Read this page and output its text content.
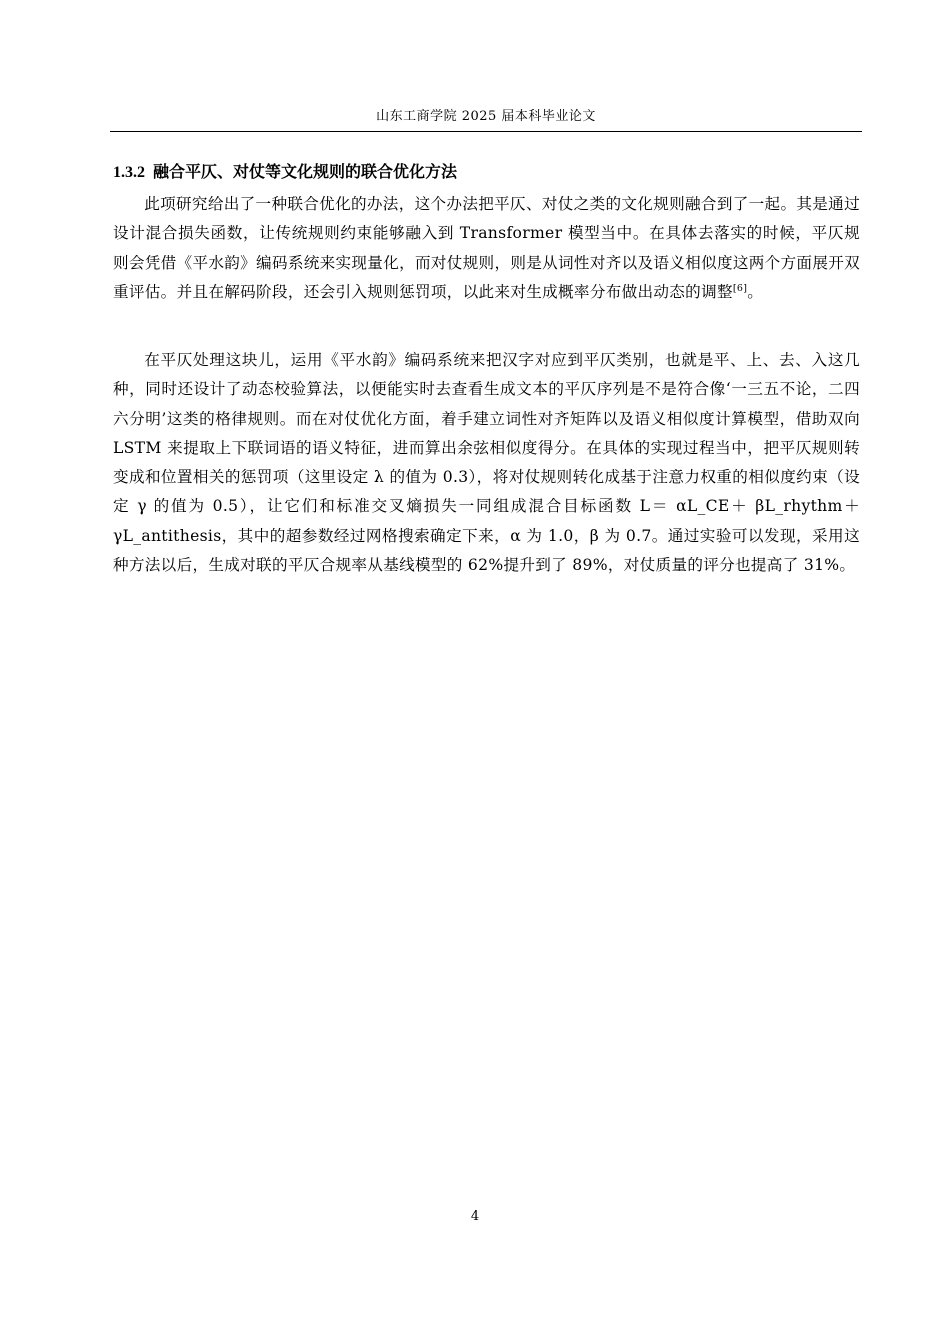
山东工商学院 2025 届本科毕业论文
1.3.2 融合平仄、对仗等文化规则的联合优化方法

此项研究给出了一种联合优化的办法，这个办法把平仄、对仗之类的文化规则融合到了一起。其是通过设计混合损失函数，让传统规则约束能够融入到 Transformer 模型当中。在具体去落实的时候，平仄规则会凭借《平水韵》编码系统来实现量化，而对仗规则，则是从词性对齐以及语义相似度这两个方面展开双重评估。并且在解码阶段，还会引入规则惩罚项，以此来对生成概率分布做出动态的调整[6]。

在平仄处理这块儿，运用《平水韵》编码系统来把汉字对应到平仄类别，也就是平、上、去、入这几种，同时还设计了动态校验算法，以便能实时去查看生成文本的平仄序列是不是符合像‘一三五不论，二四六分明’这类的格律规则。而在对仗优化方面，着手建立词性对齐矩阵以及语义相似度计算模型，借助双向 LSTM 来提取上下联词语的语义特征，进而算出余弦相似度得分。在具体的实现过程当中，把平仄规则转变成和位置相关的惩罚项（这里设定 λ 的值为 0.3），将对仗规则转化成基于注意力权重的相似度约束（设定 γ 的值为 0.5），让它们和标准交叉熵损失一同组成混合目标函数 L＝ αL_CE＋ βL_rhythm＋ γL_antithesis，其中的超参数经过网格搜索确定下来，α 为 1.0，β 为 0.7。通过实验可以发现，采用这种方法以后，生成对联的平仄合规率从基线模型的 62%提升到了 89%，对仗质量的评分也提高了 31%。

4
